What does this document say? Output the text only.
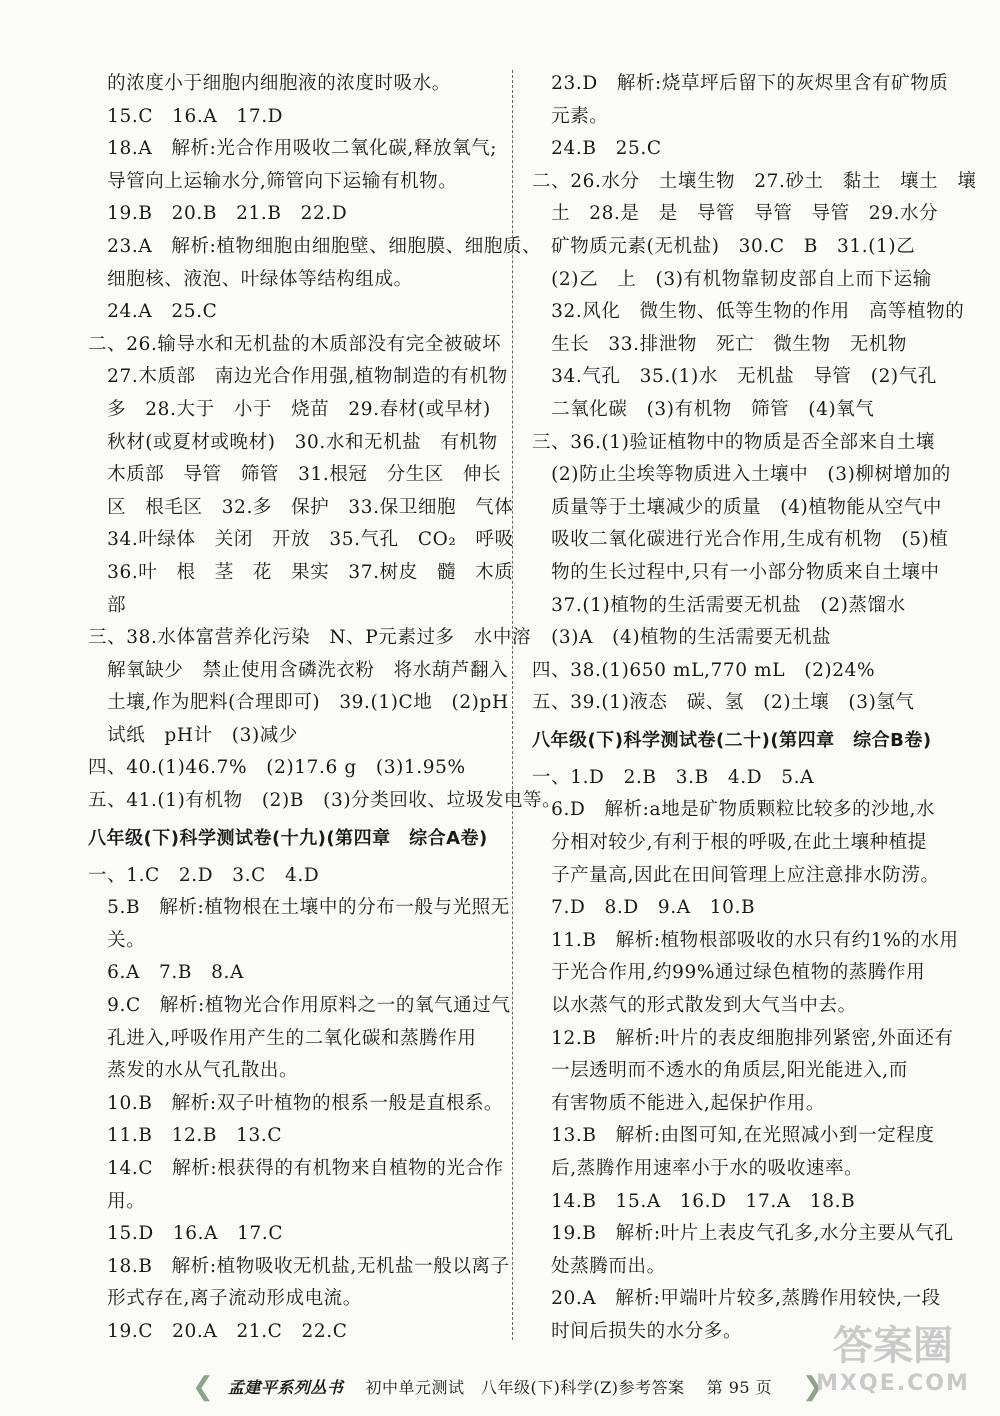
　的浓度小于细胞内细胞液的浓度时吸水。
　15.C　16.A　17.D
　18.A　解析:光合作用吸收二氧化碳,释放氧气;
　导管向上运输水分,筛管向下运输有机物。
　19.B　20.B　21.B　22.D
　23.A　解析:植物细胞由细胞壁、细胞膜、细胞质、
　细胞核、液泡、叶绿体等结构组成。
　24.A　25.C
二、26.输导水和无机盐的木质部没有完全被破坏
　27.木质部　南边光合作用强,植物制造的有机物
　多　28.大于　小于　烧苗　29.春材(或早材)
　秋材(或夏材或晚材)　30.水和无机盐　有机物
　木质部　导管　筛管　31.根冠　分生区　伸长
　区　根毛区　32.多　保护　33.保卫细胞　气体
　34.叶绿体　关闭　开放　35.气孔　CO₂　呼吸
　36.叶　根　茎　花　果实　37.树皮　髓　木质
　部
三、38.水体富营养化污染　N、P元素过多　水中溶
　解氧缺少　禁止使用含磷洗衣粉　将水葫芦翻入
　土壤,作为肥料(合理即可)　39.(1)C地　(2)pH
　试纸　pH计　(3)减少
四、40.(1)46.7%　(2)17.6 g　(3)1.95%
五、41.(1)有机物　(2)B　(3)分类回收、垃圾发电等。
八年级(下)科学测试卷(十九)(第四章　综合A卷)
一、1.C　2.D　3.C　4.D
　5.B　解析:植物根在土壤中的分布一般与光照无
　关。
　6.A　7.B　8.A
　9.C　解析:植物光合作用原料之一的氧气通过气
　孔进入,呼吸作用产生的二氧化碳和蒸腾作用
　蒸发的水从气孔散出。
　10.B　解析:双子叶植物的根系一般是直根系。
　11.B　12.B　13.C
　14.C　解析:根获得的有机物来自植物的光合作
　用。
　15.D　16.A　17.C
　18.B　解析:植物吸收无机盐,无机盐一般以离子
　形式存在,离子流动形成电流。
　19.C　20.A　21.C　22.C
　23.D　解析:烧草坪后留下的灰烬里含有矿物质
　元素。
　24.B　25.C
二、26.水分　土壤生物　27.砂土　黏土　壤土　壤
　土　28.是　是　导管　导管　导管　29.水分
　矿物质元素(无机盐)　30.C　B　31.(1)乙
　(2)乙　上　(3)有机物靠韧皮部自上而下运输
　32.风化　微生物、低等生物的作用　高等植物的
　生长　33.排泄物　死亡　微生物　无机物
　34.气孔　35.(1)水　无机盐　导管　(2)气孔
　二氧化碳　(3)有机物　筛管　(4)氧气
三、36.(1)验证植物中的物质是否全部来自土壤
　(2)防止尘埃等物质进入土壤中　(3)柳树增加的
　质量等于土壤减少的质量　(4)植物能从空气中
　吸收二氧化碳进行光合作用,生成有机物　(5)植
　物的生长过程中,只有一小部分物质来自土壤中
　37.(1)植物的生活需要无机盐　(2)蒸馏水
　(3)A　(4)植物的生活需要无机盐
四、38.(1)650 mL,770 mL　(2)24%
五、39.(1)液态　碳、氢　(2)土壤　(3)氢气
八年级(下)科学测试卷(二十)(第四章　综合B卷)
一、1.D　2.B　3.B　4.D　5.A
　6.D　解析:a地是矿物质颗粒比较多的沙地,水
　分相对较少,有利于根的呼吸,在此土壤种植提
　子产量高,因此在田间管理上应注意排水防涝。
　7.D　8.D　9.A　10.B
　11.B　解析:植物根部吸收的水只有约1%的水用
　于光合作用,约99%通过绿色植物的蒸腾作用
　以水蒸气的形式散发到大气当中去。
　12.B　解析:叶片的表皮细胞排列紧密,外面还有
　一层透明而不透水的角质层,阳光能进入,而
　有害物质不能进入,起保护作用。
　13.B　解析:由图可知,在光照减小到一定程度
　后,蒸腾作用速率小于水的吸收速率。
　14.B　15.A　16.D　17.A　18.B
　19.B　解析:叶片上表皮气孔多,水分主要从气孔
　处蒸腾而出。
　20.A　解析:甲端叶片较多,蒸腾作用较快,一段
　时间后损失的水分多。
❮ 孟建平系列丛书　 初中单元测试　八年级(下)科学(Z)参考答案　 第 95 页	❯
答案圈
MXQE.COM
